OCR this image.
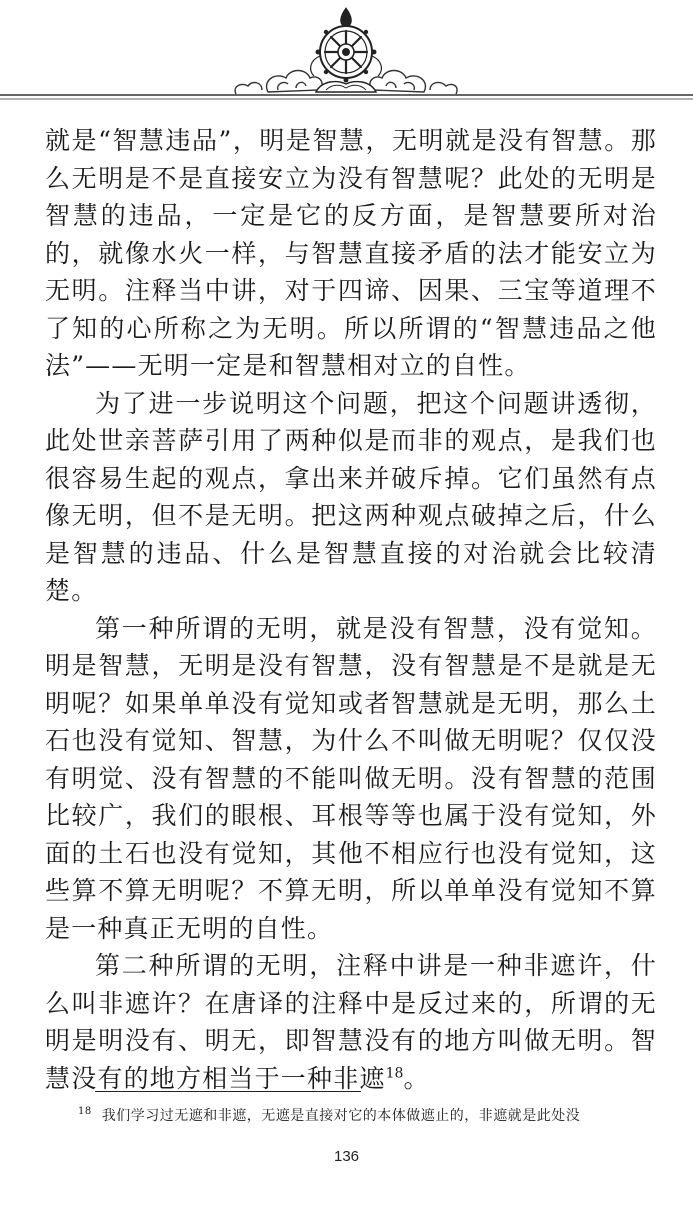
就是“智慧违品”，明是智慧，无明就是没有智慧。那么无明是不是直接安立为没有智慧呢？此处的无明是智慧的违品，一定是它的反方面，是智慧要所对治的，就像水火一样，与智慧直接矛盾的法才能安立为无明。注释当中讲，对于四谛、因果、三宝等道理不了知的心所称之为无明。所以所谓的“智慧违品之他法”——无明一定是和智慧相对立的自性。

为了进一步说明这个问题，把这个问题讲透彻，此处世亲菩萨引用了两种似是而非的观点，是我们也很容易生起的观点，拿出来并破斥掉。它们虽然有点像无明，但不是无明。把这两种观点破掉之后，什么是智慧的违品、什么是智慧直接的对治就会比较清楚。

第一种所谓的无明，就是没有智慧，没有觉知。明是智慧，无明是没有智慧，没有智慧是不是就是无明呢？如果单单没有觉知或者智慧就是无明，那么土石也没有觉知、智慧，为什么不叫做无明呢？仅仅没有明觉、没有智慧的不能叫做无明。没有智慧的范围比较广，我们的眼根、耳根等等也属于没有觉知，外面的土石也没有觉知，其他不相应行也没有觉知，这些算不算无明呢？不算无明，所以单单没有觉知不算是一种真正无明的自性。

第二种所谓的无明，注释中讲是一种非遮许，什么叫非遮许？在唐译的注释中是反过来的，所谓的无明是明没有、明无，即智慧没有的地方叫做无明。智慧没有的地方相当于一种非遮$^{18}$。

$^{18}$ 我们学习过无遮和非遮，无遮是直接对它的本体做遮止的，非遮就是此处没
136
